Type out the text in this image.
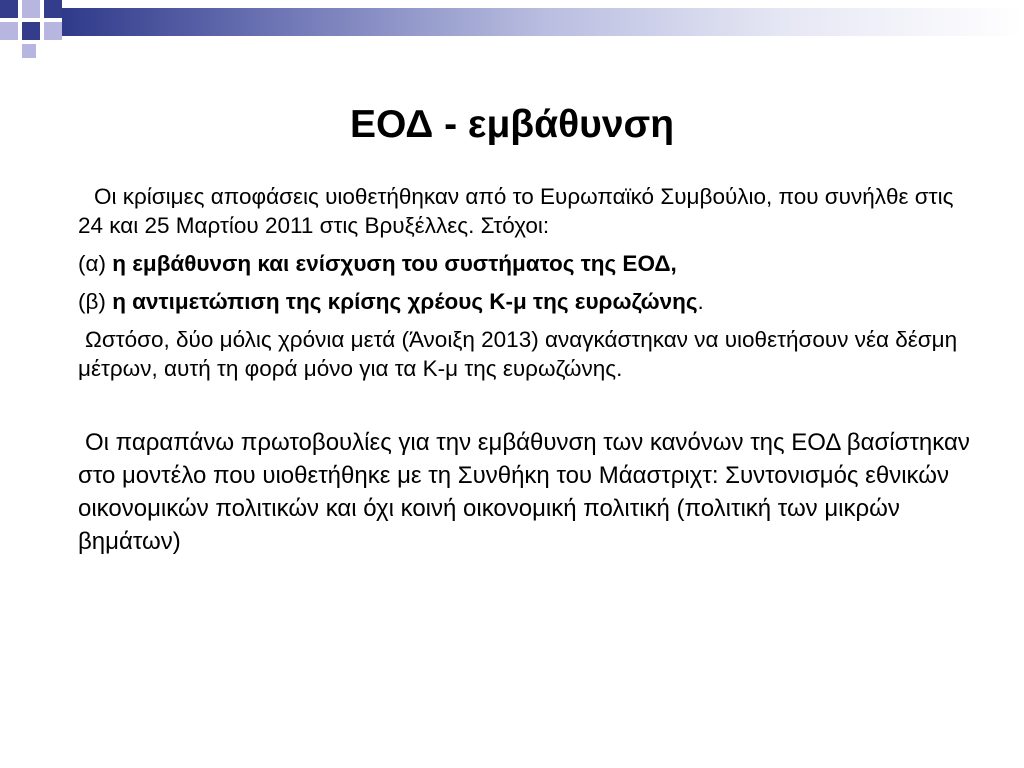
ΕΟΔ - εμβάθυνση

Οι κρίσιμες αποφάσεις υιοθετήθηκαν από το Ευρωπαϊκό Συμβούλιο, που συνήλθε στις 24 και 25 Μαρτίου 2011 στις Βρυξέλλες. Στόχοι:

(α) η εμβάθυνση και ενίσχυση του συστήματος της ΕΟΔ,

(β) η αντιμετώπιση της κρίσης χρέους Κ-μ της ευρωζώνης.

Ωστόσο, δύο μόλις χρόνια μετά (Άνοιξη 2013) αναγκάστηκαν να υιοθετήσουν νέα δέσμη μέτρων, αυτή τη φορά μόνο για τα Κ-μ της ευρωζώνης.

Οι παραπάνω πρωτοβουλίες για την εμβάθυνση των κανόνων της ΕΟΔ βασίστηκαν στο μοντέλο που υιοθετήθηκε με τη Συνθήκη του Μάαστριχτ: Συντονισμός εθνικών οικονομικών πολιτικών και όχι κοινή οικονομική πολιτική (πολιτική των μικρών βημάτων)
